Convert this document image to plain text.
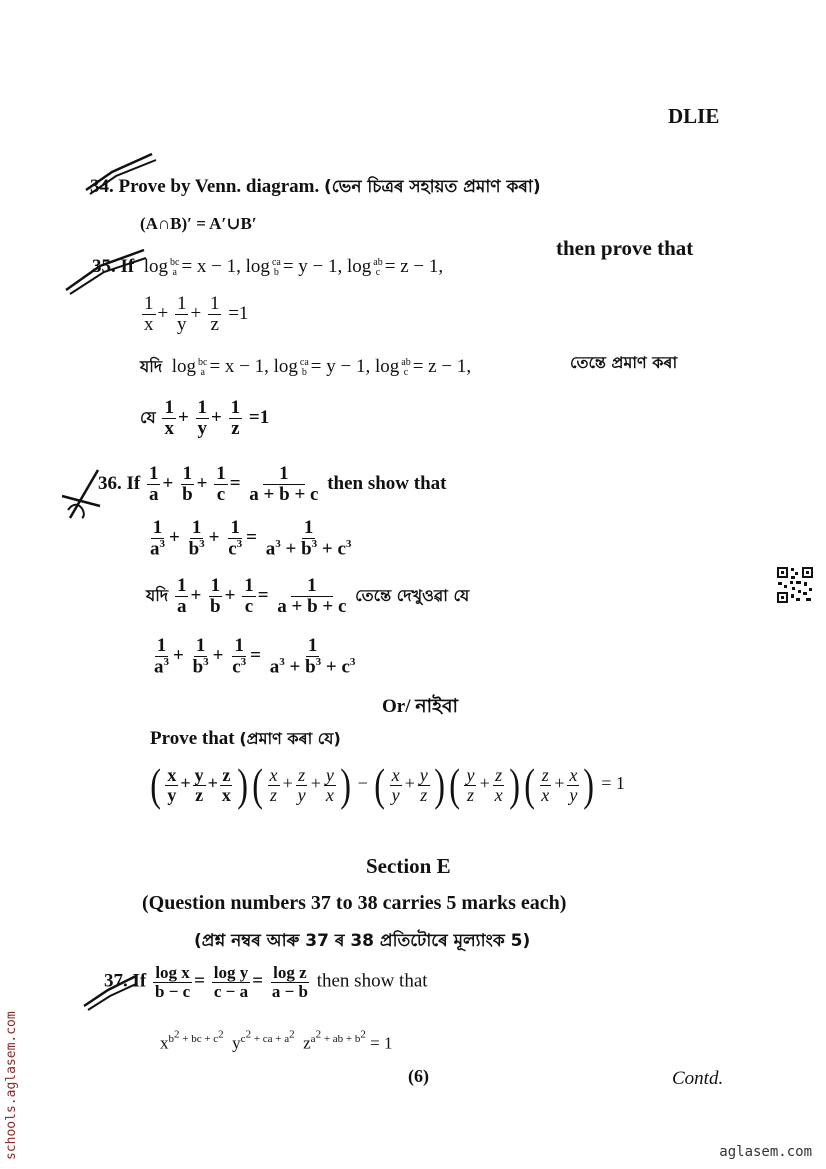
DLIE
34. Prove by Venn. diagram. (ভেন চিত্ৰৰ সহায়ত প্ৰমাণ কৰা)
(A∩B)′ = A′∪B′
35. If  log bc
a = x − 1, log ca
b = y − 1, log ab
c = z − 1,
then prove that
$\frac{1}{x} + \frac{1}{y} + \frac{1}{z} =1$
যদি  log bc
a = x − 1, log ca
b = y − 1, log ab
c = z − 1,	তেন্তে প্ৰমাণ কৰা
যে $\frac{1}{x} + \frac{1}{y} + \frac{1}{z} =1$
36. If $\frac{1}{a} + \frac{1}{b} + \frac{1}{c} = \frac{1}{a + b + c}$ then show that
$\frac{1}{a^3} + \frac{1}{b^3} + \frac{1}{c^3} = \frac{1}{a^3 + b^3 + c^3}$
যদি $\frac{1}{a} + \frac{1}{b} + \frac{1}{c} = \frac{1}{a + b + c}$ তেন্তে দেখুওৱা যে
$\frac{1}{a^3} + \frac{1}{b^3} + \frac{1}{c^3} = \frac{1}{a^3 + b^3 + c^3}$
Or/ নাইবা
Prove that (প্ৰমাণ কৰা যে)
( $\frac{x}{y} + \frac{y}{z} + \frac{z}{x}$ )( $\frac{x}{z} + \frac{z}{y} + \frac{y}{x}$ ) − ( $\frac{x}{y} + \frac{y}{z}$ )( $\frac{y}{z} + \frac{z}{x}$ )( $\frac{z}{x} + \frac{x}{y}$ ) = 1
Section E
(Question numbers 37 to 38 carries 5 marks each)
(প্ৰশ্ন নম্বৰ আৰু 37 ৰ 38 প্ৰতিটোৰে মূল্যাংক 5)
37. If $\frac{\text{log x}}{b - c} = \frac{\text{log y}}{c - a} = \frac{\text{log z}}{a - b}$ then show that
$x^{b^2 + bc + c^2}$  $y^{c^2 + ca + a^2}$  $z^{a^2 + ab + b^2} = 1$
(6)	Contd.
schools.aglasem.com	aglasem.com
